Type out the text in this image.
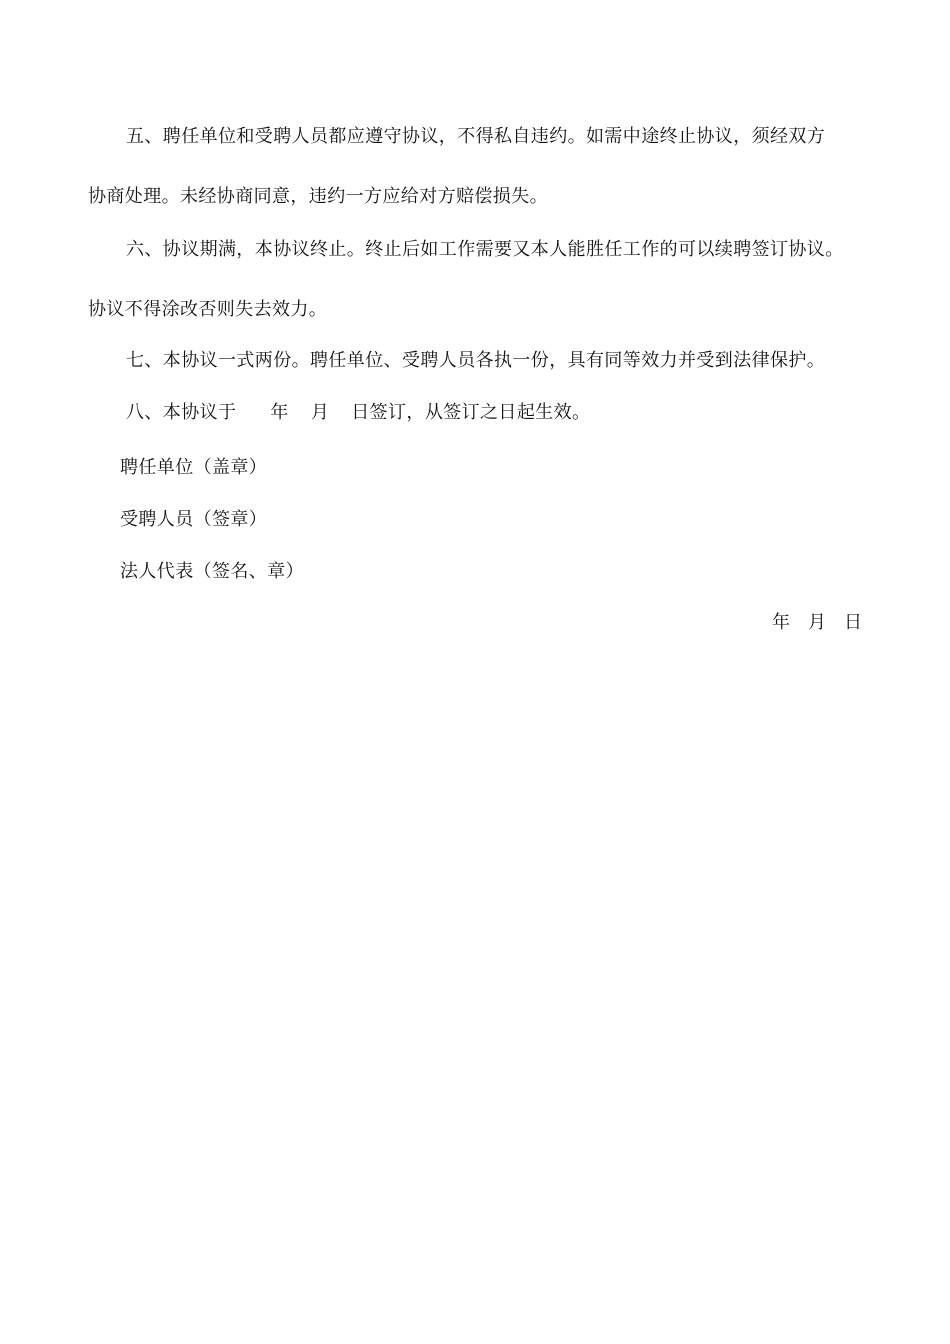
五、聘任单位和受聘人员都应遵守协议，不得私自违约。如需中途终止协议，须经双方
协商处理。未经协商同意，违约一方应给对方赔偿损失。
六、协议期满，本协议终止。终止后如工作需要又本人能胜任工作的可以续聘签订协议。
协议不得涂改否则失去效力。
七、本协议一式两份。聘任单位、受聘人员各执一份，具有同等效力并受到法律保护。
八、本协议于 年 月 日签订，从签订之日起生效。
聘任单位（盖章）
受聘人员（签章）
法人代表（签名、章）
年 月 日
